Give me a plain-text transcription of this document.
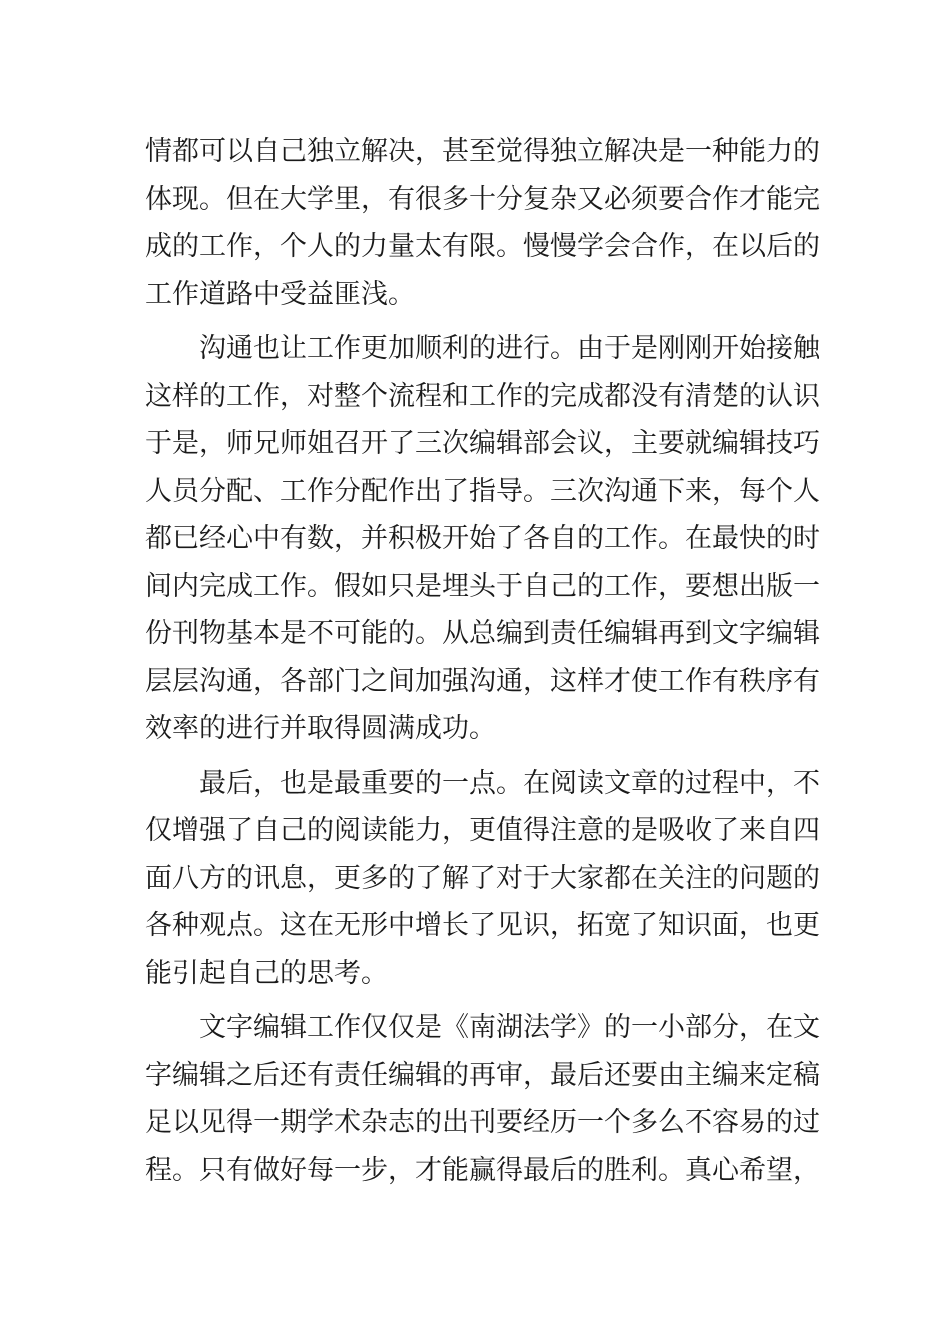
情都可以自己独立解决，甚至觉得独立解决是一种能力的
体现。但在大学里，有很多十分复杂又必须要合作才能完
成的工作，个人的力量太有限。慢慢学会合作，在以后的
工作道路中受益匪浅。
沟通也让工作更加顺利的进行。由于是刚刚开始接触
这样的工作，对整个流程和工作的完成都没有清楚的认识
于是，师兄师姐召开了三次编辑部会议，主要就编辑技巧
人员分配、工作分配作出了指导。三次沟通下来，每个人
都已经心中有数，并积极开始了各自的工作。在最快的时
间内完成工作。假如只是埋头于自己的工作，要想出版一
份刊物基本是不可能的。从总编到责任编辑再到文字编辑
层层沟通，各部门之间加强沟通，这样才使工作有秩序有
效率的进行并取得圆满成功。
最后，也是最重要的一点。在阅读文章的过程中，不
仅增强了自己的阅读能力，更值得注意的是吸收了来自四
面八方的讯息，更多的了解了对于大家都在关注的问题的
各种观点。这在无形中增长了见识，拓宽了知识面，也更
能引起自己的思考。
文字编辑工作仅仅是《南湖法学》的一小部分，在文
字编辑之后还有责任编辑的再审，最后还要由主编来定稿
足以见得一期学术杂志的出刊要经历一个多么不容易的过
程。只有做好每一步，才能赢得最后的胜利。真心希望，
